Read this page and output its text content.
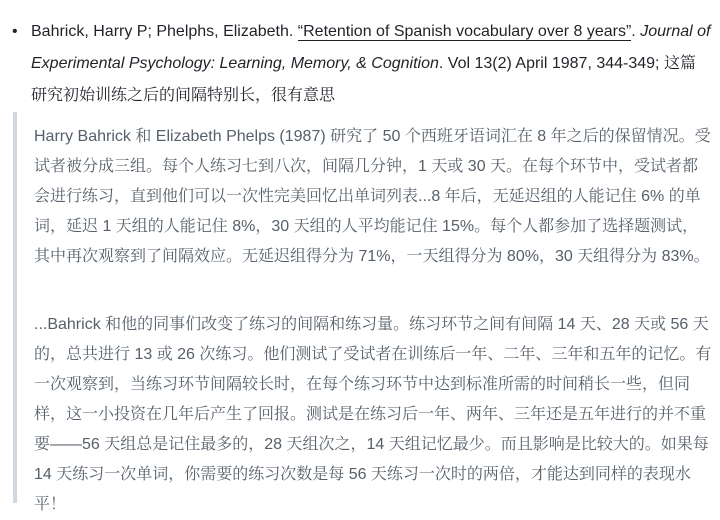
• Bahrick, Harry P; Phelphs, Elizabeth. “Retention of Spanish vocabulary over 8 years”. Journal of Experimental Psychology: Learning, Memory, & Cognition. Vol 13(2) April 1987, 344-349; 这篇研究初始训练之后的间隔特别长，很有意思

Harry Bahrick 和 Elizabeth Phelps (1987) 研究了 50 个西班牙语词汇在 8 年之后的保留情况。受试者被分成三组。每个人练习七到八次，间隔几分钟，1 天或 30 天。在每个环节中，受试者都会进行练习，直到他们可以一次性完美回忆出单词列表...8 年后，无延迟组的人能记住 6% 的单词，延迟 1 天组的人能记住 8%，30 天组的人平均能记住 15%。每个人都参加了选择题测试，其中再次观察到了间隔效应。无延迟组得分为 71%，一天组得分为 80%，30 天组得分为 83%。

...Bahrick 和他的同事们改变了练习的间隔和练习量。练习环节之间有间隔 14 天、28 天或 56 天的，总共进行 13 或 26 次练习。他们测试了受试者在训练后一年、二年、三年和五年的记忆。有一次观察到，当练习环节间隔较长时，在每个练习环节中达到标准所需的时间稍长一些，但同样，这一小投资在几年后产生了回报。测试是在练习后一年、两年、三年还是五年进行的并不重要——56 天组总是记住最多的，28 天组次之，14 天组记忆最少。而且影响是比较大的。如果每 14 天练习一次单词，你需要的练习次数是每 56 天练习一次时的两倍，才能达到同样的表现水平！
